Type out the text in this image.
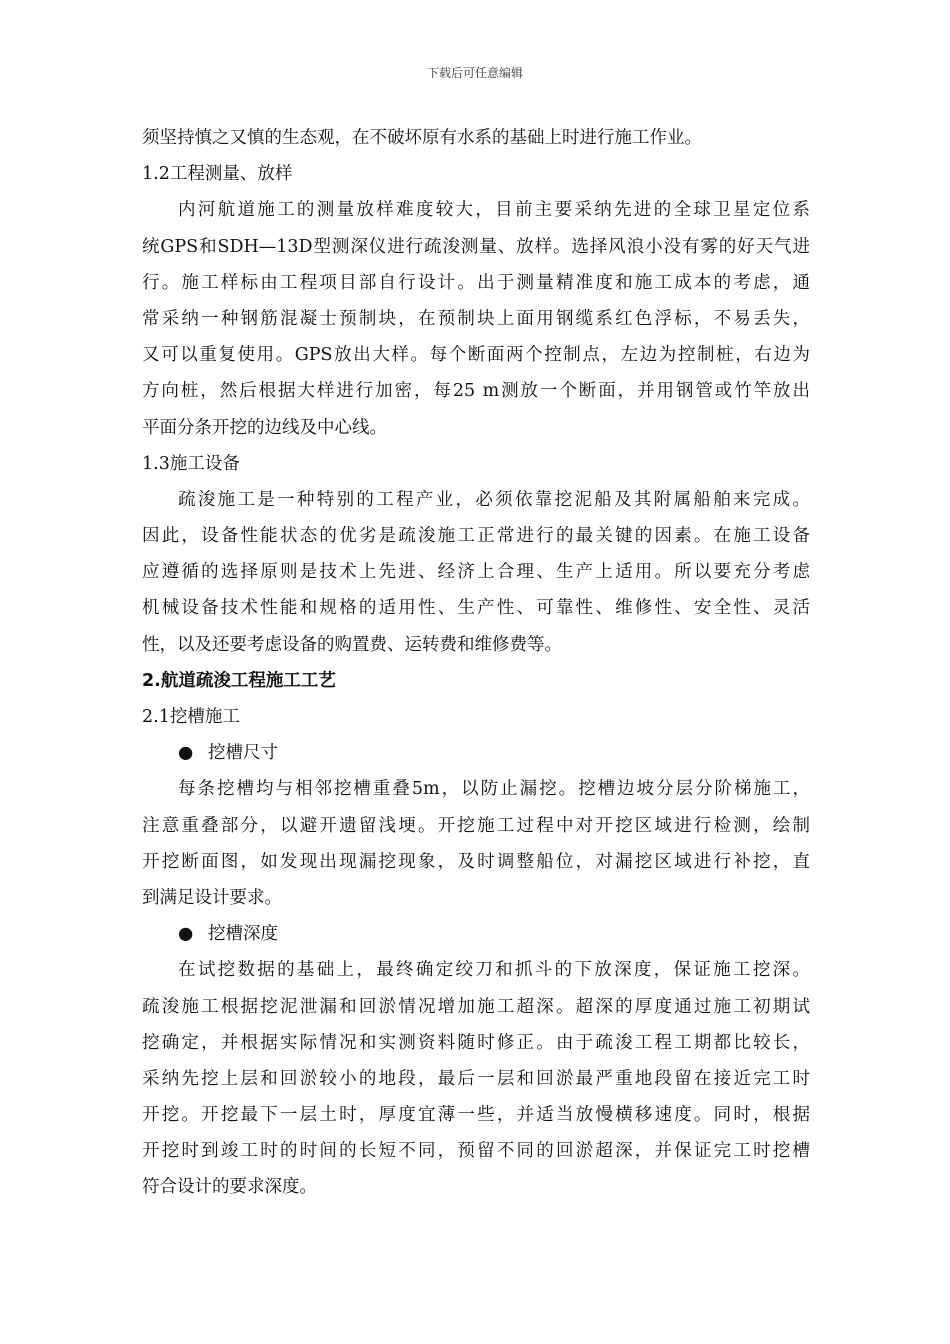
下载后可任意编辑
须坚持慎之又慎的生态观，在不破坏原有水系的基础上时进行施工作业。
1.2工程测量、放样
内河航道施工的测量放样难度较大，目前主要采纳先进的全球卫星定位系
统GPS和SDH—13D型测深仪进行疏浚测量、放样。选择风浪小没有雾的好天气进
行。施工样标由工程项目部自行设计。出于测量精准度和施工成本的考虑，通
常采纳一种钢筋混凝士预制块，在预制块上面用钢缆系红色浮标，不易丢失，
又可以重复使用。GPS放出大样。每个断面两个控制点，左边为控制桩，右边为
方向桩，然后根据大样进行加密，每25 m测放一个断面，并用钢管或竹竿放出
平面分条开挖的边线及中心线。
1.3施工设备
疏浚施工是一种特别的工程产业，必须依靠挖泥船及其附属船舶来完成。
因此，设备性能状态的优劣是疏浚施工正常进行的最关键的因素。在施工设备
应遵循的选择原则是技术上先进、经济上合理、生产上适用。所以要充分考虑
机械设备技术性能和规格的适用性、生产性、可靠性、维修性、安全性、灵活
性，以及还要考虑设备的购置费、运转费和维修费等。
2.航道疏浚工程施工工艺
2.1挖槽施工
● 挖槽尺寸
每条挖槽均与相邻挖槽重叠5m，以防止漏挖。挖槽边坡分层分阶梯施工，
注意重叠部分，以避开遗留浅埂。开挖施工过程中对开挖区域进行检测，绘制
开挖断面图，如发现出现漏挖现象，及时调整船位，对漏挖区域进行补挖，直
到满足设计要求。
● 挖槽深度
在试挖数据的基础上，最终确定绞刀和抓斗的下放深度，保证施工挖深。
疏浚施工根据挖泥泄漏和回淤情况增加施工超深。超深的厚度通过施工初期试
挖确定，并根据实际情况和实测资料随时修正。由于疏浚工程工期都比较长，
采纳先挖上层和回淤较小的地段，最后一层和回淤最严重地段留在接近完工时
开挖。开挖最下一层土时，厚度宜薄一些，并适当放慢横移速度。同时，根据
开挖时到竣工时的时间的长短不同，预留不同的回淤超深，并保证完工时挖槽
符合设计的要求深度。
